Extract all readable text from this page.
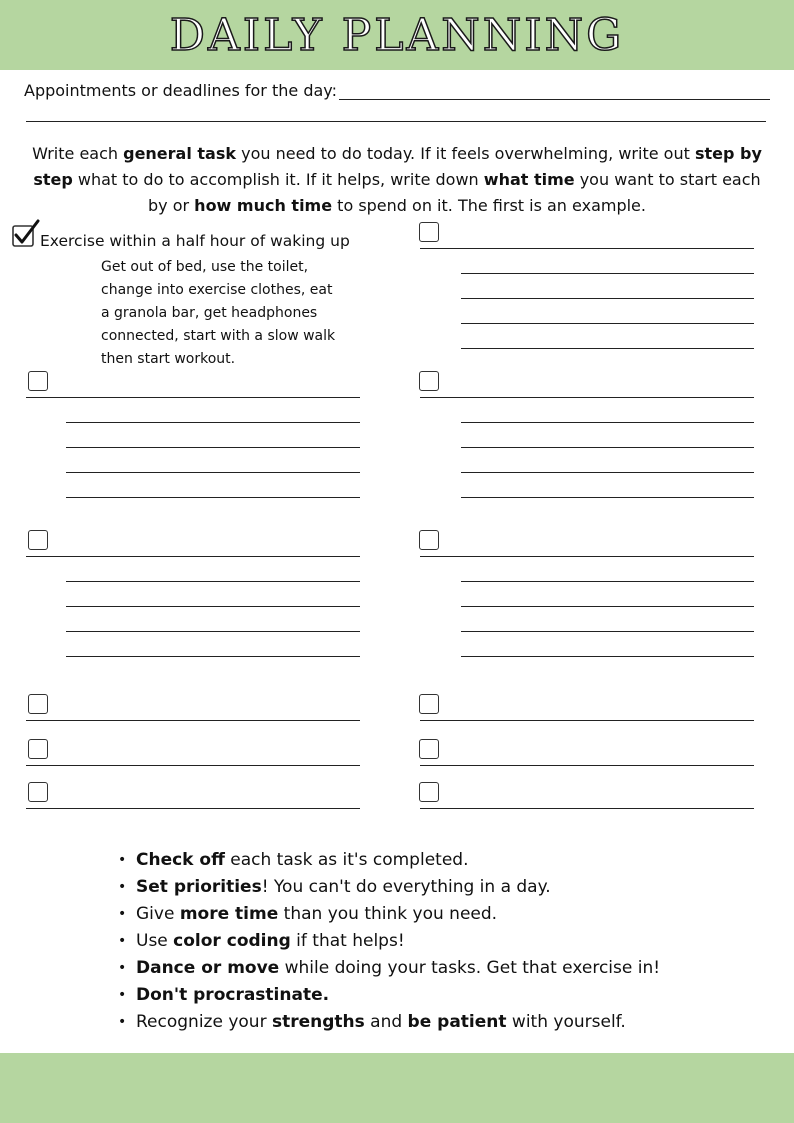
DAILY PLANNING
Appointments or deadlines for the day:
Write each general task you need to do today. If it feels overwhelming, write out step by step what to do to accomplish it. If it helps, write down what time you want to start each by or how much time to spend on it. The first is an example.
Exercise within a half hour of waking up
Get out of bed, use the toilet,
change into exercise clothes, eat
a granola bar, get headphones
connected, start with a slow walk
then start workout.
• Check off each task as it's completed.
• Set priorities! You can't do everything in a day.
• Give more time than you think you need.
• Use color coding if that helps!
• Dance or move while doing your tasks. Get that exercise in!
• Don't procrastinate.
• Recognize your strengths and be patient with yourself.
